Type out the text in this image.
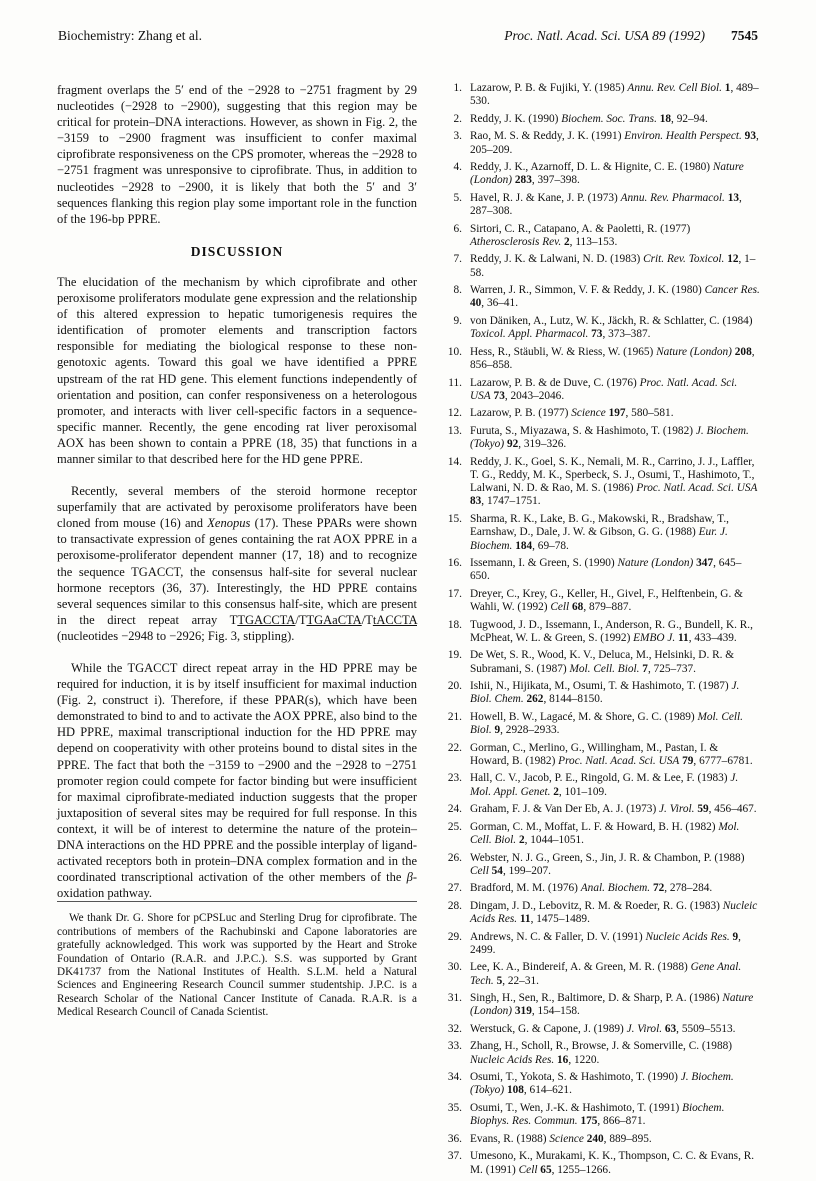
Biochemistry: Zhang et al.	Proc. Natl. Acad. Sci. USA 89 (1992) 7545

fragment overlaps the 5′ end of the −2928 to −2751 fragment by 29 nucleotides (−2928 to −2900), suggesting that this region may be critical for protein–DNA interactions. However, as shown in Fig. 2, the −3159 to −2900 fragment was insufficient to confer maximal ciprofibrate responsiveness on the CPS promoter, whereas the −2928 to −2751 fragment was unresponsive to ciprofibrate. Thus, in addition to nucleotides −2928 to −2900, it is likely that both the 5′ and 3′ sequences flanking this region play some important role in the function of the 196-bp PPRE.

DISCUSSION

The elucidation of the mechanism by which ciprofibrate and other peroxisome proliferators modulate gene expression and the relationship of this altered expression to hepatic tumorigenesis requires the identification of promoter elements and transcription factors responsible for mediating the biological response to these non-genotoxic agents. Toward this goal we have identified a PPRE upstream of the rat HD gene. This element functions independently of orientation and position, can confer responsiveness on a heterologous promoter, and interacts with liver cell-specific factors in a sequence-specific manner. Recently, the gene encoding rat liver peroxisomal AOX has been shown to contain a PPRE (18, 35) that functions in a manner similar to that described here for the HD gene PPRE.

Recently, several members of the steroid hormone receptor superfamily that are activated by peroxisome proliferators have been cloned from mouse (16) and Xenopus (17). These PPARs were shown to transactivate expression of genes containing the rat AOX PPRE in a peroxisome-proliferator dependent manner (17, 18) and to recognize the sequence TGACCT, the consensus half-site for several nuclear hormone receptors (36, 37). Interestingly, the HD PPRE contains several sequences similar to this consensus half-site, which are present in the direct repeat array TTGACCTA/TTGAaCTA/TtACCTA (nucleotides −2948 to −2926; Fig. 3, stippling).

While the TGACCT direct repeat array in the HD PPRE may be required for induction, it is by itself insufficient for maximal induction (Fig. 2, construct i). Therefore, if these PPAR(s), which have been demonstrated to bind to and to activate the AOX PPRE, also bind to the HD PPRE, maximal transcriptional induction for the HD PPRE may depend on cooperativity with other proteins bound to distal sites in the PPRE. The fact that both the −3159 to −2900 and the −2928 to −2751 promoter region could compete for factor binding but were insufficient for maximal ciprofibrate-mediated induction suggests that the proper juxtaposition of several sites may be required for full response. In this context, it will be of interest to determine the nature of the protein–DNA interactions on the HD PPRE and the possible interplay of ligand-activated receptors both in protein–DNA complex formation and in the coordinated transcriptional activation of the other members of the β-oxidation pathway.

We thank Dr. G. Shore for pCPSLuc and Sterling Drug for ciprofibrate. The contributions of members of the Rachubinski and Capone laboratories are gratefully acknowledged. This work was supported by the Heart and Stroke Foundation of Ontario (R.A.R. and J.P.C.). S.S. was supported by Grant DK41737 from the National Institutes of Health. S.L.M. held a Natural Sciences and Engineering Research Council summer studentship. J.P.C. is a Research Scholar of the National Cancer Institute of Canada. R.A.R. is a Medical Research Council of Canada Scientist.

1. Lazarow, P. B. & Fujiki, Y. (1985) Annu. Rev. Cell Biol. 1, 489–530.
2. Reddy, J. K. (1990) Biochem. Soc. Trans. 18, 92–94.
3. Rao, M. S. & Reddy, J. K. (1991) Environ. Health Perspect. 93, 205–209.
4. Reddy, J. K., Azarnoff, D. L. & Hignite, C. E. (1980) Nature (London) 283, 397–398.
5. Havel, R. J. & Kane, J. P. (1973) Annu. Rev. Pharmacol. 13, 287–308.
6. Sirtori, C. R., Catapano, A. & Paoletti, R. (1977) Atherosclerosis Rev. 2, 113–153.
7. Reddy, J. K. & Lalwani, N. D. (1983) Crit. Rev. Toxicol. 12, 1–58.
8. Warren, J. R., Simmon, V. F. & Reddy, J. K. (1980) Cancer Res. 40, 36–41.
9. von Däniken, A., Lutz, W. K., Jäckh, R. & Schlatter, C. (1984) Toxicol. Appl. Pharmacol. 73, 373–387.
10. Hess, R., Stäubli, W. & Riess, W. (1965) Nature (London) 208, 856–858.
11. Lazarow, P. B. & de Duve, C. (1976) Proc. Natl. Acad. Sci. USA 73, 2043–2046.
12. Lazarow, P. B. (1977) Science 197, 580–581.
13. Furuta, S., Miyazawa, S. & Hashimoto, T. (1982) J. Biochem. (Tokyo) 92, 319–326.
14. Reddy, J. K., Goel, S. K., Nemali, M. R., Carrino, J. J., Laffler, T. G., Reddy, M. K., Sperbeck, S. J., Osumi, T., Hashimoto, T., Lalwani, N. D. & Rao, M. S. (1986) Proc. Natl. Acad. Sci. USA 83, 1747–1751.
15. Sharma, R. K., Lake, B. G., Makowski, R., Bradshaw, T., Earnshaw, D., Dale, J. W. & Gibson, G. G. (1988) Eur. J. Biochem. 184, 69–78.
16. Issemann, I. & Green, S. (1990) Nature (London) 347, 645–650.
17. Dreyer, C., Krey, G., Keller, H., Givel, F., Helftenbein, G. & Wahli, W. (1992) Cell 68, 879–887.
18. Tugwood, J. D., Issemann, I., Anderson, R. G., Bundell, K. R., McPheat, W. L. & Green, S. (1992) EMBO J. 11, 433–439.
19. De Wet, S. R., Wood, K. V., Deluca, M., Helsinki, D. R. & Subramani, S. (1987) Mol. Cell. Biol. 7, 725–737.
20. Ishii, N., Hijikata, M., Osumi, T. & Hashimoto, T. (1987) J. Biol. Chem. 262, 8144–8150.
21. Howell, B. W., Lagacé, M. & Shore, G. C. (1989) Mol. Cell. Biol. 9, 2928–2933.
22. Gorman, C., Merlino, G., Willingham, M., Pastan, I. & Howard, B. (1982) Proc. Natl. Acad. Sci. USA 79, 6777–6781.
23. Hall, C. V., Jacob, P. E., Ringold, G. M. & Lee, F. (1983) J. Mol. Appl. Genet. 2, 101–109.
24. Graham, F. J. & Van Der Eb, A. J. (1973) J. Virol. 59, 456–467.
25. Gorman, C. M., Moffat, L. F. & Howard, B. H. (1982) Mol. Cell. Biol. 2, 1044–1051.
26. Webster, N. J. G., Green, S., Jin, J. R. & Chambon, P. (1988) Cell 54, 199–207.
27. Bradford, M. M. (1976) Anal. Biochem. 72, 278–284.
28. Dingam, J. D., Lebovitz, R. M. & Roeder, R. G. (1983) Nucleic Acids Res. 11, 1475–1489.
29. Andrews, N. C. & Faller, D. V. (1991) Nucleic Acids Res. 9, 2499.
30. Lee, K. A., Bindereif, A. & Green, M. R. (1988) Gene Anal. Tech. 5, 22–31.
31. Singh, H., Sen, R., Baltimore, D. & Sharp, P. A. (1986) Nature (London) 319, 154–158.
32. Werstuck, G. & Capone, J. (1989) J. Virol. 63, 5509–5513.
33. Zhang, H., Scholl, R., Browse, J. & Somerville, C. (1988) Nucleic Acids Res. 16, 1220.
34. Osumi, T., Yokota, S. & Hashimoto, T. (1990) J. Biochem. (Tokyo) 108, 614–621.
35. Osumi, T., Wen, J.-K. & Hashimoto, T. (1991) Biochem. Biophys. Res. Commun. 175, 866–871.
36. Evans, R. (1988) Science 240, 889–895.
37. Umesono, K., Murakami, K. K., Thompson, C. C. & Evans, R. M. (1991) Cell 65, 1255–1266.
